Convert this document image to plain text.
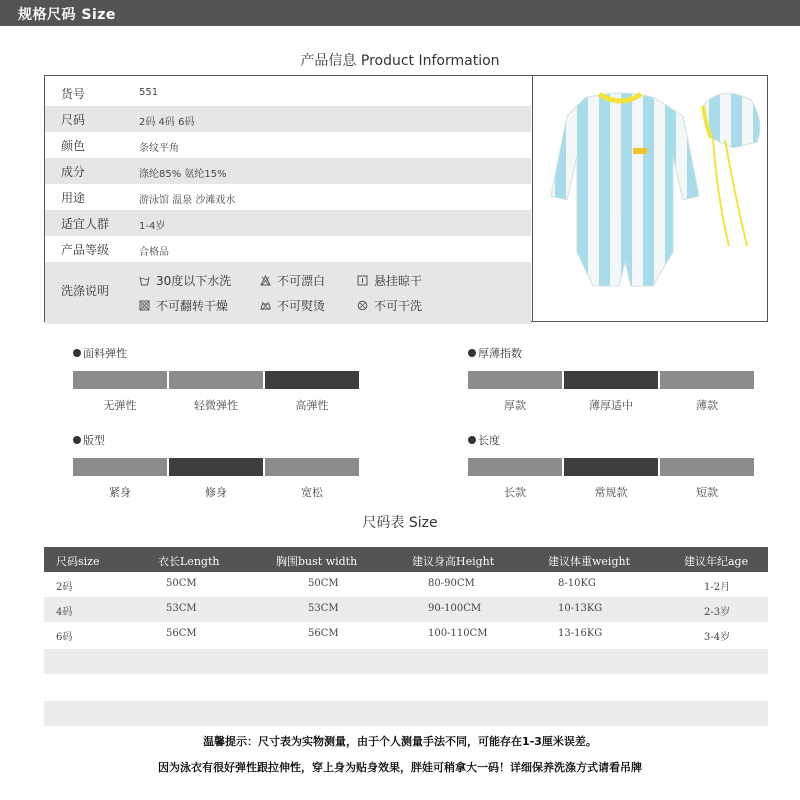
规格尺码 Size
产品信息 Product Information
货号	551
尺码	2码 4码 6码
颜色	条纹平角
成分	涤纶85% 氨纶15%
用途	游泳馆 温泉 沙滩戏水
适宜人群	1-4岁
产品等级	合格品
洗涤说明
30度以下水洗	不可漂白	悬挂晾干
不可翻转干燥	不可熨烫	不可干洗
面料弹性
无弹性	轻微弹性	高弹性
厚薄指数
厚款	薄厚适中	薄款
版型
紧身	修身	宽松
长度
长款	常规款	短款
尺码表 Size
尺码size	衣长Length	胸围bust width	建议身高Height	建议体重weight	建议年纪age
2码	50CM	50CM	80-90CM	8-10KG	1-2月
4码	53CM	53CM	90-100CM	10-13KG	2-3岁
6码	56CM	56CM	100-110CM	13-16KG	3-4岁
温馨提示：尺寸表为实物测量，由于个人测量手法不同，可能存在1-3厘米误差。
因为泳衣有很好弹性跟拉伸性，穿上身为贴身效果，胖娃可稍拿大一码！详细保养洗涤方式请看吊牌
